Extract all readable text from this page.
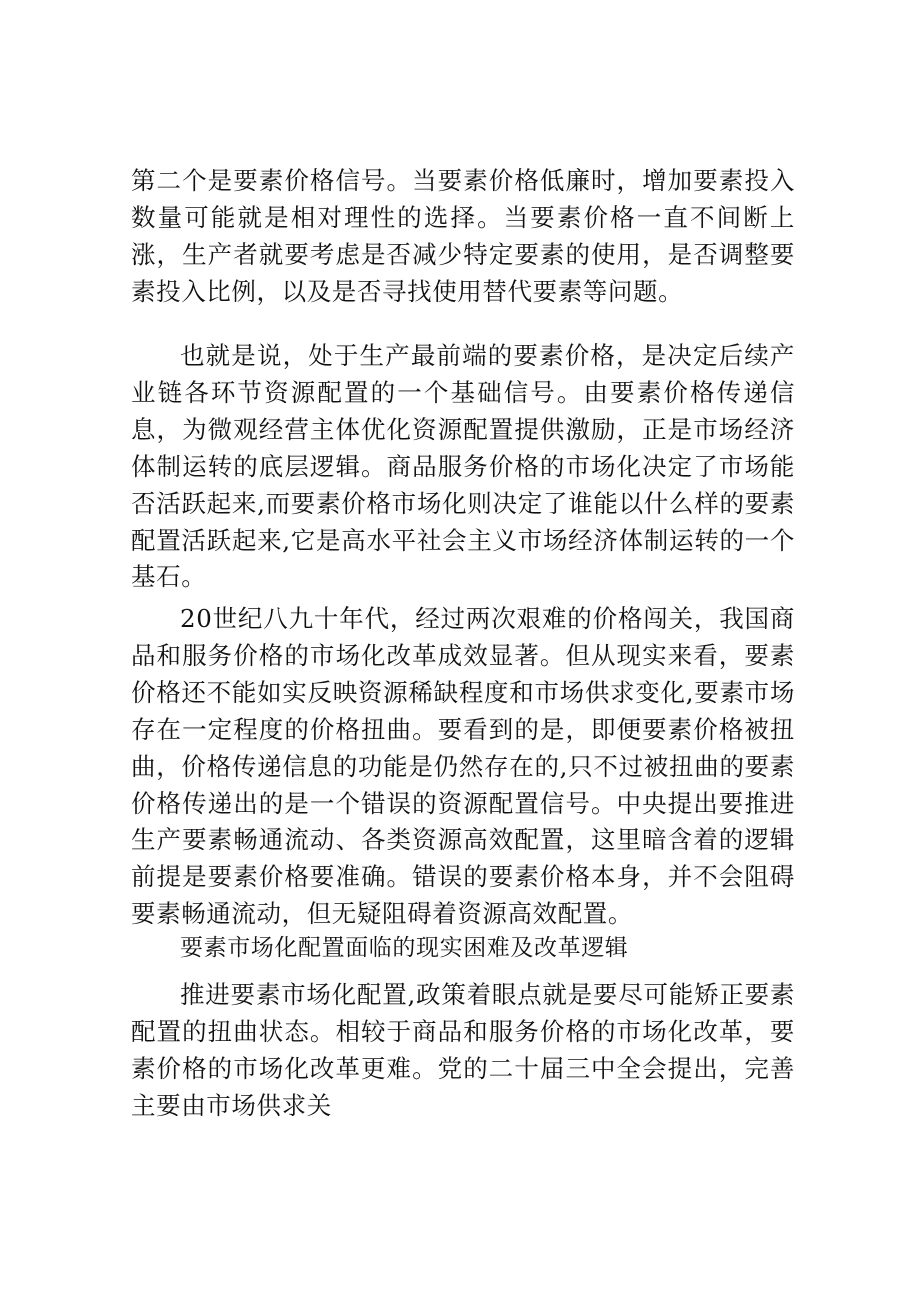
第二个是要素价格信号。当要素价格低廉时，增加要素投入数量可能就是相对理性的选择。当要素价格一直不间断上涨，生产者就要考虑是否减少特定要素的使用，是否调整要素投入比例，以及是否寻找使用替代要素等问题。

也就是说，处于生产最前端的要素价格，是决定后续产业链各环节资源配置的一个基础信号。由要素价格传递信息，为微观经营主体优化资源配置提供激励，正是市场经济体制运转的底层逻辑。商品服务价格的市场化决定了市场能否活跃起来,而要素价格市场化则决定了谁能以什么样的要素配置活跃起来,它是高水平社会主义市场经济体制运转的一个基石。

20世纪八九十年代，经过两次艰难的价格闯关，我国商品和服务价格的市场化改革成效显著。但从现实来看，要素价格还不能如实反映资源稀缺程度和市场供求变化,要素市场存在一定程度的价格扭曲。要看到的是，即便要素价格被扭曲，价格传递信息的功能是仍然存在的,只不过被扭曲的要素价格传递出的是一个错误的资源配置信号。中央提出要推进生产要素畅通流动、各类资源高效配置，这里暗含着的逻辑前提是要素价格要准确。错误的要素价格本身，并不会阻碍要素畅通流动，但无疑阻碍着资源高效配置。

要素市场化配置面临的现实困难及改革逻辑

推进要素市场化配置,政策着眼点就是要尽可能矫正要素配置的扭曲状态。相较于商品和服务价格的市场化改革，要素价格的市场化改革更难。党的二十届三中全会提出，完善主要由市场供求关
